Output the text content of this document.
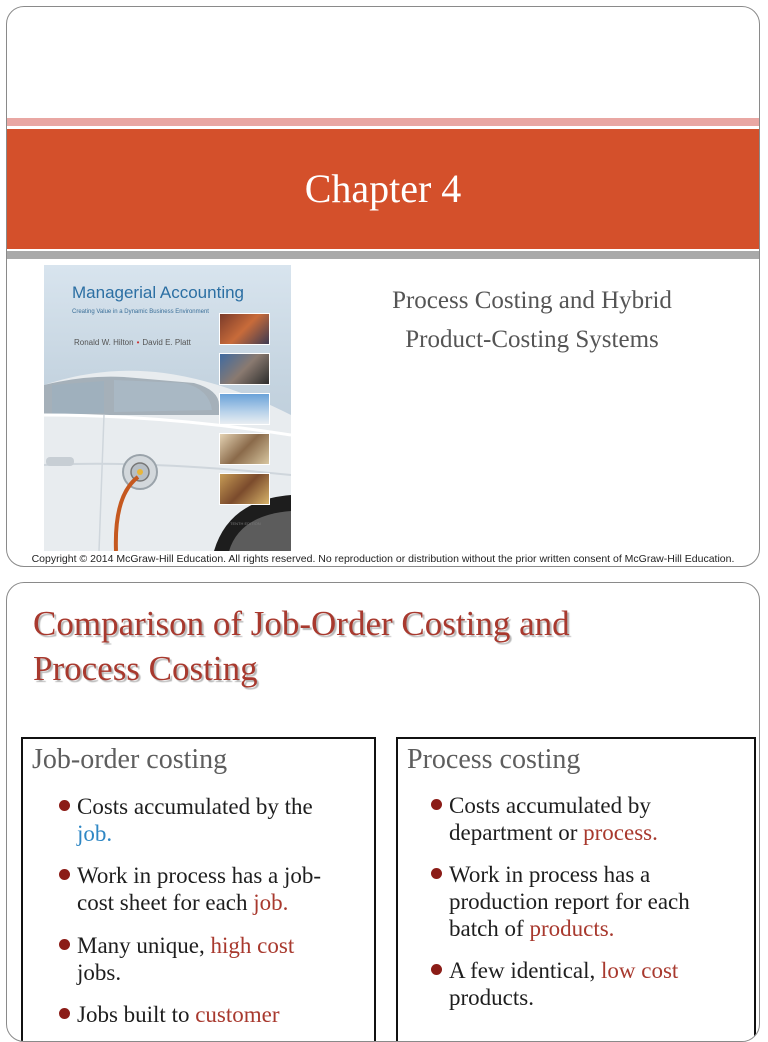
Chapter 4
Managerial Accounting
Creating Value in a Dynamic Business Environment
Ronald W. Hilton • David E. Platt
TENTH EDITION
Process Costing and Hybrid
Product-Costing Systems
Copyright © 2014 McGraw-Hill Education. All rights reserved. No reproduction or distribution without the prior written consent of McGraw-Hill Education.
Comparison of Job-Order Costing and
Process Costing
Job-order costing
Costs accumulated by the
job.
Work in process has a job-
cost sheet for each job.
Many unique, high cost
jobs.
Jobs built to customer
Process costing
Costs accumulated by
department or process.
Work in process has a
production report for each
batch of products.
A few identical, low cost
products.
